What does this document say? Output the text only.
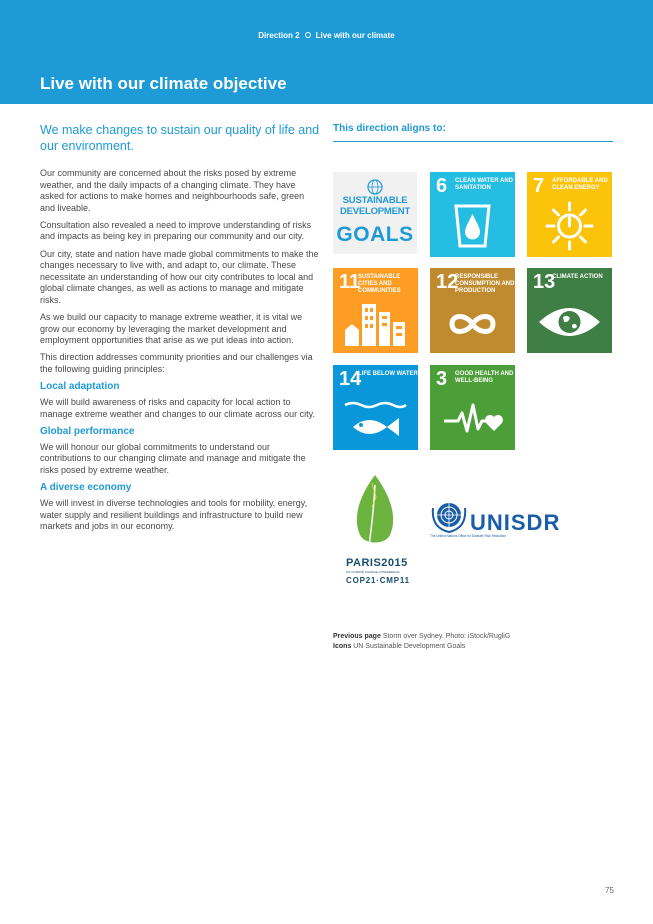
Direction 2 Live with our climate
Live with our climate objective

We make changes to sustain our quality of life and our environment.

Our community are concerned about the risks posed by extreme weather, and the daily impacts of a changing climate. They have asked for actions to make homes and neighbourhoods safe, green and liveable.

Consultation also revealed a need to improve understanding of risks and impacts as being key in preparing our community and our city.

Our city, state and nation have made global commitments to make the changes necessary to live with, and adapt to, our climate. These necessitate an understanding of how our city contributes to local and global climate changes, as well as actions to manage and mitigate risks.

As we build our capacity to manage extreme weather, it is vital we grow our economy by leveraging the market development and employment opportunities that arise as we put ideas into action.

This direction addresses community priorities and our challenges via the following guiding principles:

Local adaptation

We will build awareness of risks and capacity for local action to manage extreme weather and changes to our climate across our city.

Global performance

We will honour our global commitments to understand our contributions to our changing climate and manage and mitigate the risks posed by extreme weather.

A diverse economy

We will invest in diverse technologies and tools for mobility, energy, water supply and resilient buildings and infrastructure to build new markets and jobs in our economy.

This direction aligns to:
SUSTAINABLE
DEVELOPMENT
GOALS
6 CLEAN WATER AND SANITATION	7 AFFORDABLE AND CLEAN ENERGY
11
SUSTAINABLE CITIES AND COMMUNITIES	12
RESPONSIBLE CONSUMPTION AND PRODUCTION	13
CLIMATE ACTION
14
LIFE BELOW WATER 3 GOOD HEALTH AND WELL-BEING
PARIS2015
UN CLIMATE CHANGE CONFERENCE
COP21·CMP11
UNISDR
The United Nations Office for Disaster Risk Reduction
Previous page Storm over Sydney. Photo: iStock/RugliG
Icons UN Sustainable Development Goals
75
